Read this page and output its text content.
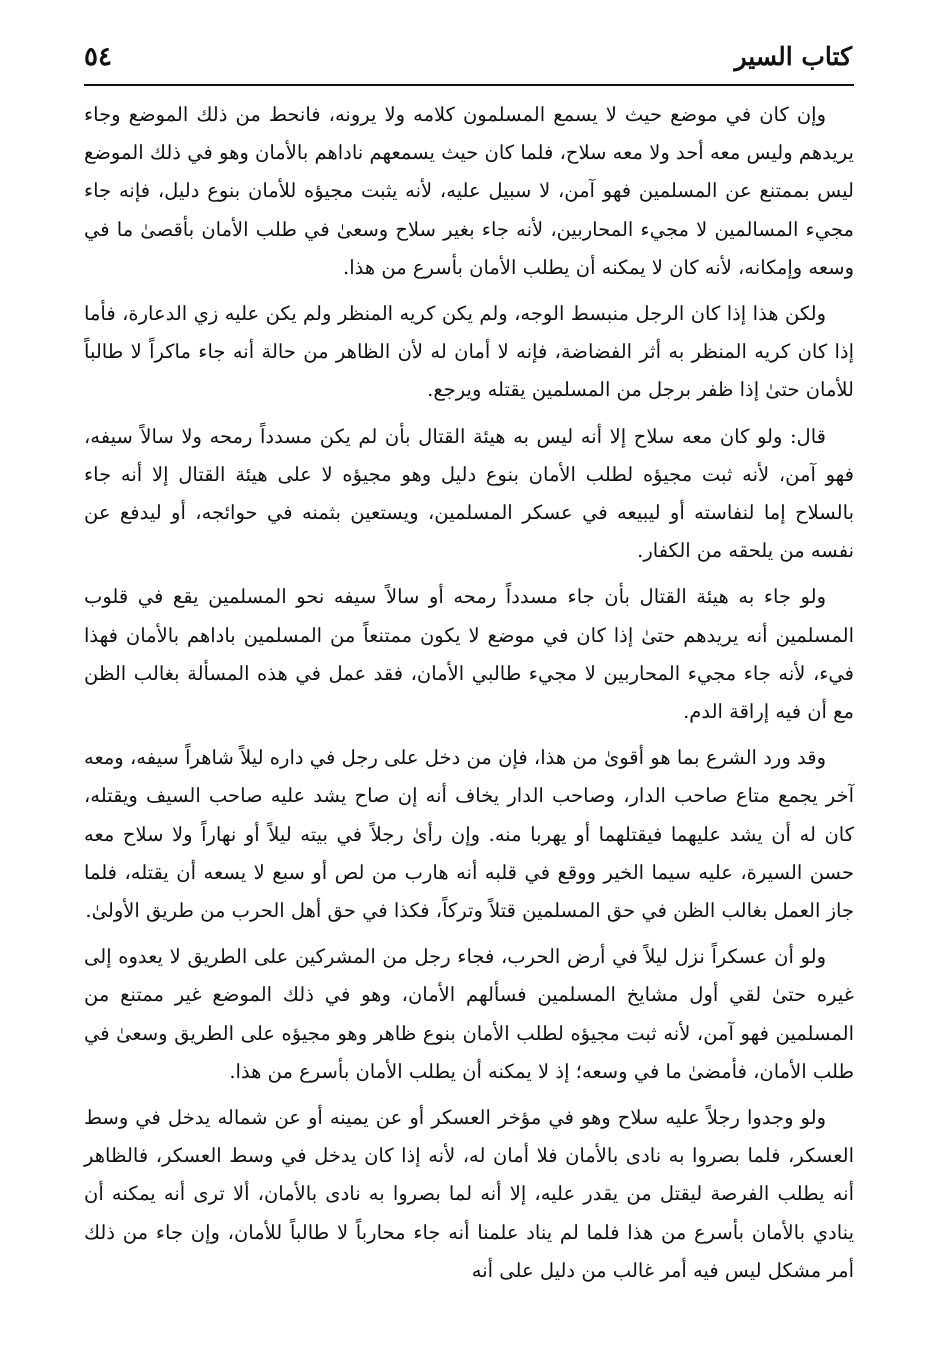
كتاب السير
٥٤

وإن كان في موضع حيث لا يسمع المسلمون كلامه ولا يرونه، فانحط من ذلك الموضع وجاء يريدهم وليس معه أحد ولا معه سلاح، فلما كان حيث يسمعهم ناداهم بالأمان وهو في ذلك الموضع ليس بممتنع عن المسلمين فهو آمن، لا سبيل عليه، لأنه يثبت مجيؤه للأمان بنوع دليل، فإنه جاء مجيء المسالمين لا مجيء المحاربين، لأنه جاء بغير سلاح وسعىٰ في طلب الأمان بأقصىٰ ما في وسعه وإمكانه، لأنه كان لا يمكنه أن يطلب الأمان بأسرع من هذا.

ولكن هذا إذا كان الرجل منبسط الوجه، ولم يكن كريه المنظر ولم يكن عليه زي الدعارة، فأما إذا كان كريه المنظر به أثر الفضاضة، فإنه لا أمان له لأن الظاهر من حالة أنه جاء ماكراً لا طالباً للأمان حتىٰ إذا ظفر برجل من المسلمين يقتله ويرجع.

قال: ولو كان معه سلاح إلا أنه ليس به هيئة القتال بأن لم يكن مسدداً رمحه ولا سالاً سيفه، فهو آمن، لأنه ثبت مجيؤه لطلب الأمان بنوع دليل وهو مجيؤه لا على هيئة القتال إلا أنه جاء بالسلاح إما لنفاسته أو ليبيعه في عسكر المسلمين، ويستعين بثمنه في حوائجه، أو ليدفع عن نفسه من يلحقه من الكفار.

ولو جاء به هيئة القتال بأن جاء مسدداً رمحه أو سالاً سيفه نحو المسلمين يقع في قلوب المسلمين أنه يريدهم حتىٰ إذا كان في موضع لا يكون ممتنعاً من المسلمين باداهم بالأمان فهذا فيء، لأنه جاء مجيء المحاربين لا مجيء طالبي الأمان، فقد عمل في هذه المسألة بغالب الظن مع أن فيه إراقة الدم.

وقد ورد الشرع بما هو أقوىٰ من هذا، فإن من دخل على رجل في داره ليلاً شاهراً سيفه، ومعه آخر يجمع متاع صاحب الدار، وصاحب الدار يخاف أنه إن صاح يشد عليه صاحب السيف ويقتله، كان له أن يشد عليهما فيقتلهما أو يهربا منه. وإن رأىٰ رجلاً في بيته ليلاً أو نهاراً ولا سلاح معه حسن السيرة، عليه سيما الخير ووقع في قلبه أنه هارب من لص أو سبع لا يسعه أن يقتله، فلما جاز العمل بغالب الظن في حق المسلمين قتلاً وتركاً، فكذا في حق أهل الحرب من طريق الأولىٰ.

ولو أن عسكراً نزل ليلاً في أرض الحرب، فجاء رجل من المشركين على الطريق لا يعدوه إلى غيره حتىٰ لقي أول مشايخ المسلمين فسألهم الأمان، وهو في ذلك الموضع غير ممتنع من المسلمين فهو آمن، لأنه ثبت مجيؤه لطلب الأمان بنوع ظاهر وهو مجيؤه على الطريق وسعىٰ في طلب الأمان، فأمضىٰ ما في وسعه؛ إذ لا يمكنه أن يطلب الأمان بأسرع من هذا.

ولو وجدوا رجلاً عليه سلاح وهو في مؤخر العسكر أو عن يمينه أو عن شماله يدخل في وسط العسكر، فلما بصروا به نادى بالأمان فلا أمان له، لأنه إذا كان يدخل في وسط العسكر، فالظاهر أنه يطلب الفرصة ليقتل من يقدر عليه، إلا أنه لما بصروا به نادى بالأمان، ألا ترى أنه يمكنه أن ينادي بالأمان بأسرع من هذا فلما لم يناد علمنا أنه جاء محارباً لا طالباً للأمان، وإن جاء من ذلك أمر مشكل ليس فيه أمر غالب من دليل على أنه
